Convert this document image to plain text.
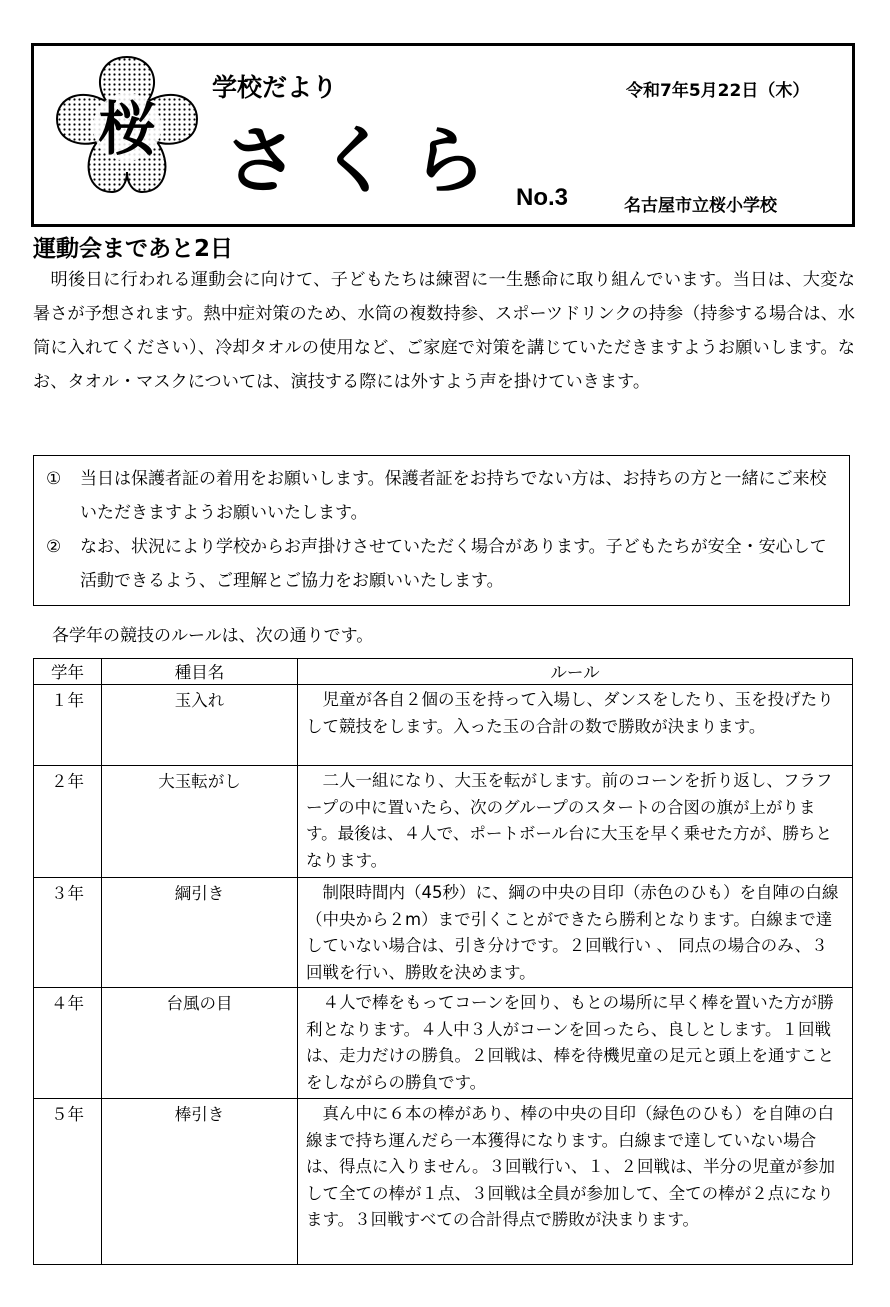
桜
学校だより	令和7年5月22日（木）
さくら No.3	名古屋市立桜小学校
運動会まであと2日

明後日に行われる運動会に向けて、子どもたちは練習に一生懸命に取り組んでいます。当日は、大変な暑さが予想されます。熱中症対策のため、水筒の複数持参、スポーツドリンクの持参（持参する場合は、水筒に入れてください）、冷却タオルの使用など、ご家庭で対策を講じていただきますようお願いします。なお、タオル・マスクについては、演技する際には外すよう声を掛けていきます。

①	当日は保護者証の着用をお願いします。保護者証をお持ちでない方は、お持ちの方と一緒にご来校いただきますようお願いいたします。
②	なお、状況により学校からお声掛けさせていただく場合があります。子どもたちが安全・安心して活動できるよう、ご理解とご協力をお願いいたします。
各学年の競技のルールは、次の通りです。
学年	種目名	ルール
１年	玉入れ	児童が各自２個の玉を持って入場し、ダンスをしたり、玉を投げたりして競技をします。入った玉の合計の数で勝敗が決まります。
２年	大玉転がし	二人一組になり、大玉を転がします。前のコーンを折り返し、フラフープの中に置いたら、次のグループのスタートの合図の旗が上がります。最後は、４人で、ポートボール台に大玉を早く乗せた方が、勝ちとなります。
３年	綱引き	制限時間内（45秒）に、綱の中央の目印（赤色のひも）を自陣の白線（中央から２m）まで引くことができたら勝利となります。白線まで達していない場合は、引き分けです。２回戦行い 、 同点の場合のみ、３回戦を行い、勝敗を決めます。
４年	台風の目	４人で棒をもってコーンを回り、もとの場所に早く棒を置いた方が勝利となります。４人中３人がコーンを回ったら、良しとします。１回戦は、走力だけの勝負。２回戦は、棒を待機児童の足元と頭上を通すことをしながらの勝負です。
５年	棒引き	真ん中に６本の棒があり、棒の中央の目印（緑色のひも）を自陣の白線まで持ち運んだら一本獲得になります。白線まで達していない場合は、得点に入りません。３回戦行い、１、２回戦は、半分の児童が参加して全ての棒が１点、３回戦は全員が参加して、全ての棒が２点になります。３回戦すべての合計得点で勝敗が決まります。
